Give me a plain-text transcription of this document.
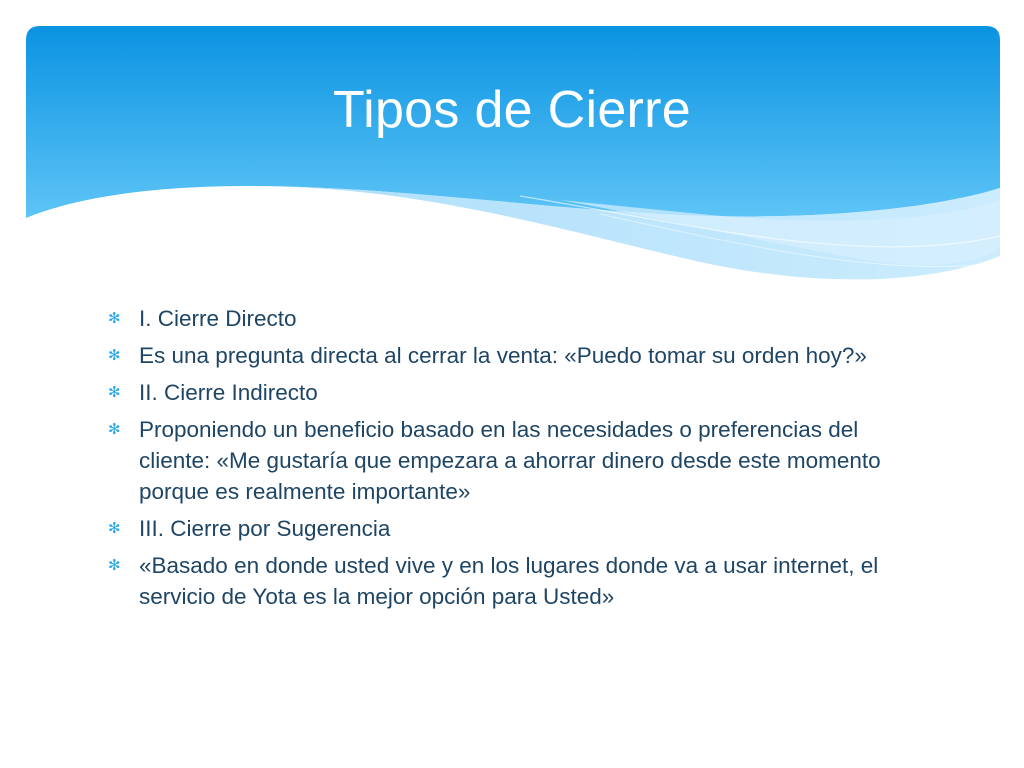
Tipos de Cierre
✻ I. Cierre Directo
✻ Es una pregunta directa al cerrar la venta: «Puedo tomar su orden hoy?»
✻ II. Cierre Indirecto
✻ Proponiendo un beneficio basado en las necesidades o preferencias del cliente: «Me gustaría que empezara a ahorrar dinero desde este momento porque es realmente importante»
✻ III. Cierre por Sugerencia
✻ «Basado en donde usted vive y en los lugares donde va a usar internet, el servicio de Yota es la mejor opción para Usted»
